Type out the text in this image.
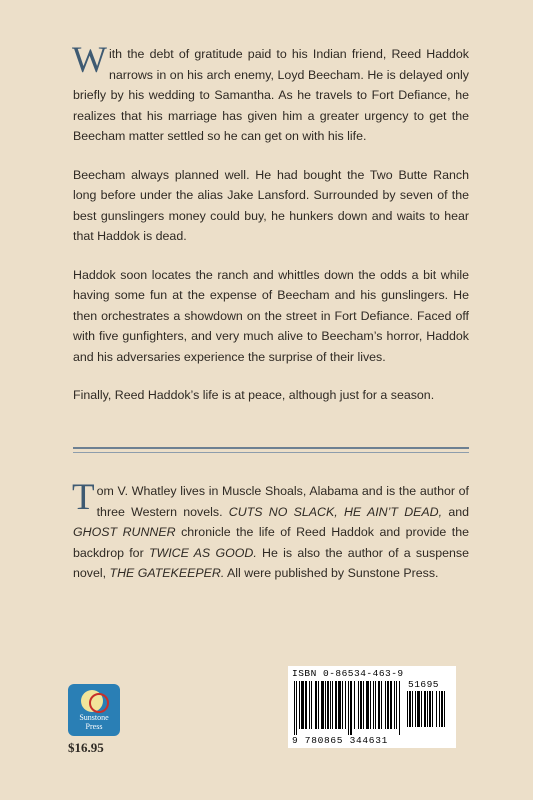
With the debt of gratitude paid to his Indian friend, Reed Haddok narrows in on his arch enemy, Loyd Beecham. He is delayed only briefly by his wedding to Samantha. As he travels to Fort Defiance, he realizes that his marriage has given him a greater urgency to get the Beecham matter settled so he can get on with his life.

Beecham always planned well. He had bought the Two Butte Ranch long before under the alias Jake Lansford. Surrounded by seven of the best gunslingers money could buy, he hunkers down and waits to hear that Haddok is dead.

Haddok soon locates the ranch and whittles down the odds a bit while having some fun at the expense of Beecham and his gunslingers. He then orchestrates a showdown on the street in Fort Defiance. Faced off with five gunfighters, and very much alive to Beecham’s horror, Haddok and his adversaries experience the surprise of their lives.

Finally, Reed Haddok’s life is at peace, although just for a season.

Tom V. Whatley lives in Muscle Shoals, Alabama and is the author of three Western novels. CUTS NO SLACK, HE AIN’T DEAD, and GHOST RUNNER chronicle the life of Reed Haddok and provide the backdrop for TWICE AS GOOD. He is also the author of a suspense novel, THE GATEKEEPER. All were published by Sunstone Press.
Sunstone
Press
$16.95
ISBN 0-86534-463-9
51695
9 780865 344631
